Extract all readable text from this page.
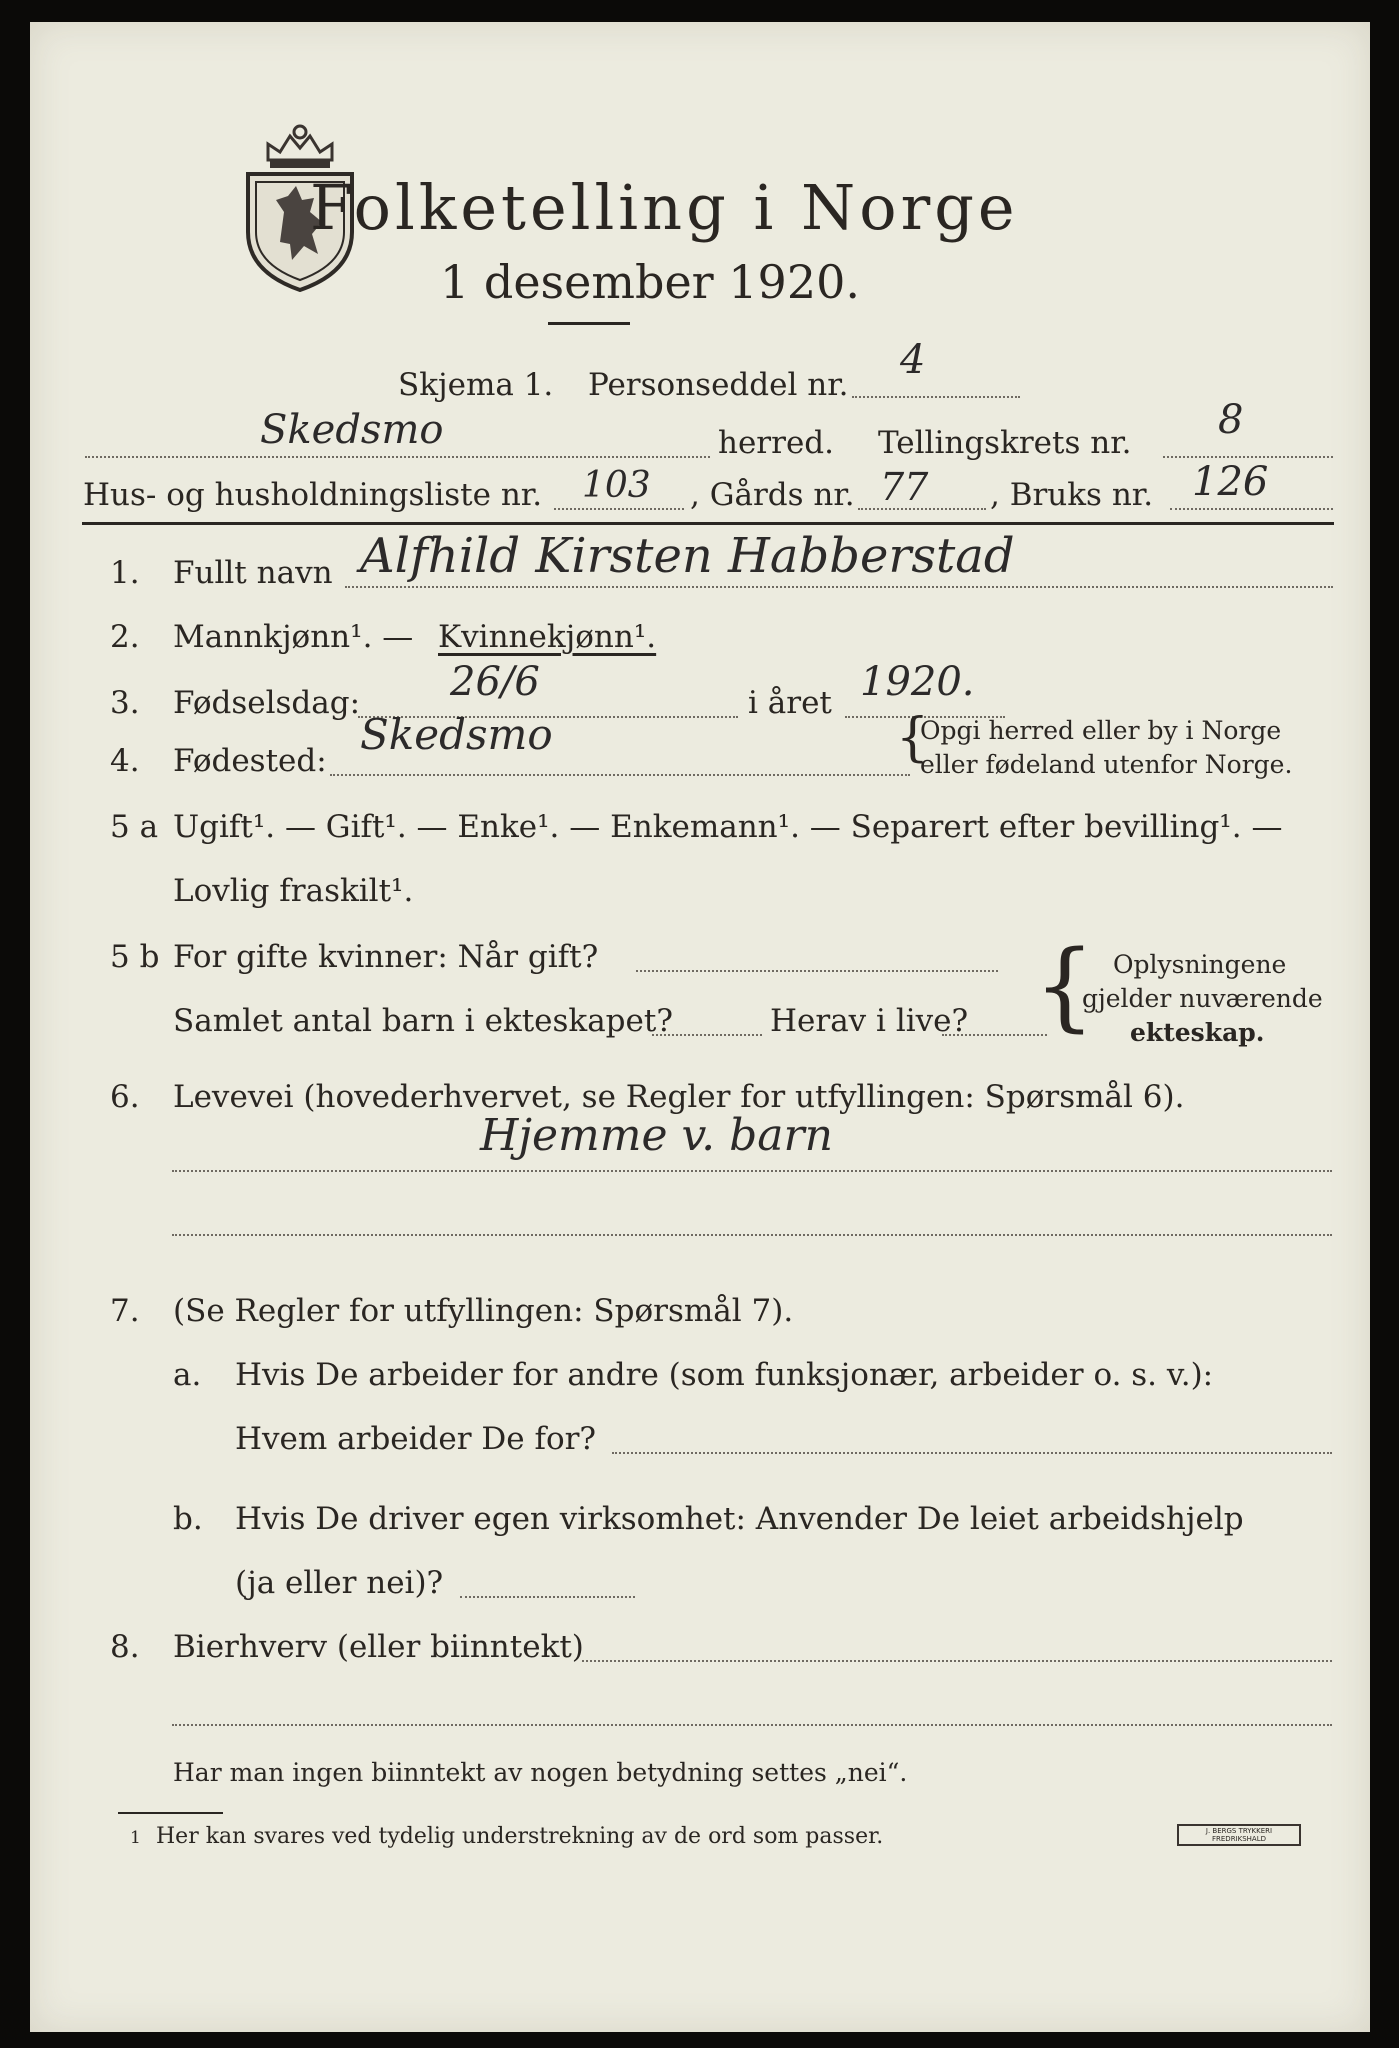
Folketelling i Norge
1 desember 1920.
Skjema 1. Personseddel nr.
4
Skedsmo	herred. Tellingskrets nr. 8
Hus- og husholdningsliste nr. 103 , Gårds nr. 77 , Bruks nr. 126
1. Fullt navn Alfhild Kirsten Habberstad
2. Mannkjønn¹. — Kvinnekjønn¹.
3. Fødselsdag: 26/6	i året 1920.
4. Fødested:
Skedsmo	{
Opgi herred eller by i Norge
eller fødeland utenfor Norge.
5 a Ugift¹. — Gift¹. — Enke¹. — Enkemann¹. — Separert efter bevilling¹. —
Lovlig fraskilt¹.
5 b For gifte kvinner: Når gift?
Samlet antal barn i ekteskapet?	Herav i live? { Oplysningene
gjelder nuværende
ekteskap.
6. Levevei (hovederhvervet, se Regler for utfyllingen: Spørsmål 6).
Hjemme v. barn
7. (Se Regler for utfyllingen: Spørsmål 7).
a. Hvis De arbeider for andre (som funksjonær, arbeider o. s. v.):
Hvem arbeider De for?
b. Hvis De driver egen virksomhet: Anvender De leiet arbeidshjelp
(ja eller nei)?
8. Bierhverv (eller biinntekt)
Har man ingen biinntekt av nogen betydning settes „nei“.
1 Her kan svares ved tydelig understrekning av de ord som passer.	J. BERGS TRYKKERI FREDRIKSHALD
